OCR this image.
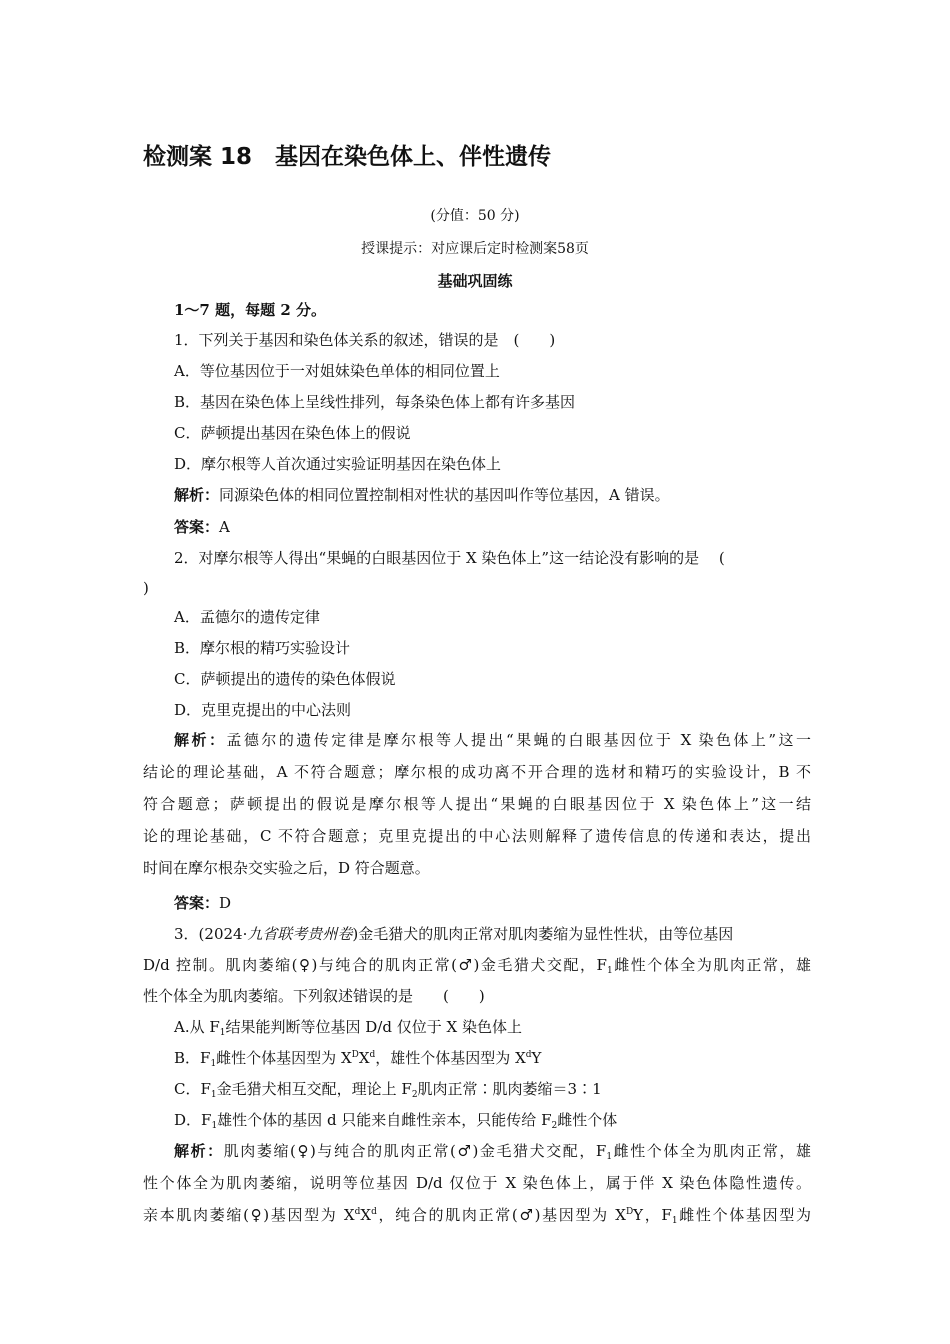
检测案 18　基因在染色体上、伴性遗传
(分值：50 分)
授课提示：对应课后定时检测案58页
基础巩固练
1～7 题，每题 2 分。
1．下列关于基因和染色体关系的叙述，错误的是　(　　)
A．等位基因位于一对姐妹染色单体的相同位置上
B．基因在染色体上呈线性排列，每条染色体上都有许多基因
C．萨顿提出基因在染色体上的假说
D．摩尔根等人首次通过实验证明基因在染色体上
解析：同源染色体的相同位置控制相对性状的基因叫作等位基因，A 错误。
答案：A
2．对摩尔根等人得出“果蝇的白眼基因位于 X 染色体上”这一结论没有影响的是　 (
)
A．孟德尔的遗传定律
B．摩尔根的精巧实验设计
C．萨顿提出的遗传的染色体假说
D．克里克提出的中心法则
解析：孟德尔的遗传定律是摩尔根等人提出“果蝇的白眼基因位于 X 染色体上”这一
结论的理论基础，A 不符合题意；摩尔根的成功离不开合理的选材和精巧的实验设计，B 不
符合题意；萨顿提出的假说是摩尔根等人提出“果蝇的白眼基因位于 X 染色体上”这一结
论的理论基础，C 不符合题意；克里克提出的中心法则解释了遗传信息的传递和表达，提出
时间在摩尔根杂交实验之后，D 符合题意。
答案：D
3．(2024·九省联考贵州卷)金毛猎犬的肌肉正常对肌肉萎缩为显性性状，由等位基因
D/d 控制。肌肉萎缩(♀)与纯合的肌肉正常(♂)金毛猎犬交配，$F_1$雌性个体全为肌肉正常，雄
性个体全为肌肉萎缩。下列叙述错误的是　　(　　)
A.从 $F_1$结果能判断等位基因 D/d 仅位于 X 染色体上
B．$F_1$雌性个体基因型为 $X^DX^d$，雄性个体基因型为 $X^dY$
C．$F_1$金毛猎犬相互交配，理论上 $F_2$肌肉正常∶肌肉萎缩＝3∶1
D．$F_1$雄性个体的基因 d 只能来自雌性亲本，只能传给 $F_2$雌性个体
解析：肌肉萎缩(♀)与纯合的肌肉正常(♂)金毛猎犬交配，$F_1$雌性个体全为肌肉正常，雄
性个体全为肌肉萎缩，说明等位基因 D/d 仅位于 X 染色体上，属于伴 X 染色体隐性遗传。
亲本肌肉萎缩(♀)基因型为 $X^dX^d$，纯合的肌肉正常(♂)基因型为 $X^DY$，$F_1$雌性个体基因型为
